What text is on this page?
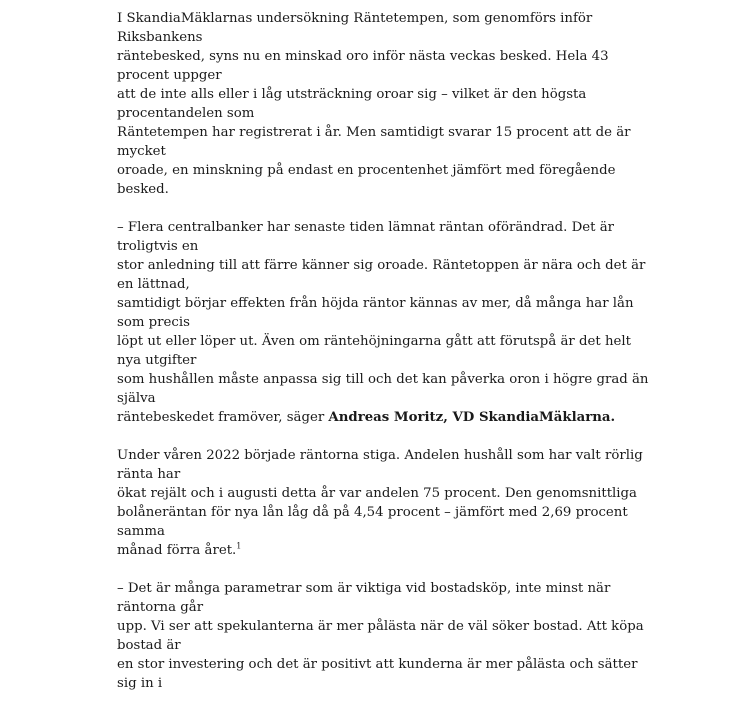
I SkandiaMäklarnas undersökning Räntetempen, som genomförs inför Riksbankens
räntebesked, syns nu en minskad oro inför nästa veckas besked. Hela 43 procent uppger
att de inte alls eller i låg utsträckning oroar sig – vilket är den högsta procentandelen som
Räntetempen har registrerat i år. Men samtidigt svarar 15 procent att de är mycket
oroade, en minskning på endast en procentenhet jämfört med föregående besked.

– Flera centralbanker har senaste tiden lämnat räntan oförändrad. Det är troligtvis en
stor anledning till att färre känner sig oroade. Räntetoppen är nära och det är en lättnad,
samtidigt börjar effekten från höjda räntor kännas av mer, då många har lån som precis
löpt ut eller löper ut. Även om räntehöjningarna gått att förutspå är det helt nya utgifter
som hushållen måste anpassa sig till och det kan påverka oron i högre grad än själva
räntebeskedet framöver, säger Andreas Moritz, VD SkandiaMäklarna.

Under våren 2022 började räntorna stiga. Andelen hushåll som har valt rörlig ränta har
ökat rejält och i augusti detta år var andelen 75 procent. Den genomsnittliga
bolåneräntan för nya lån låg då på 4,54 procent – jämfört med 2,69 procent samma
månad förra året.$^1$

– Det är många parametrar som är viktiga vid bostadsköp, inte minst när räntorna går
upp. Vi ser att spekulanterna är mer pålästa när de väl söker bostad. Att köpa bostad är
en stor investering och det är positivt att kunderna är mer pålästa och sätter sig in i
